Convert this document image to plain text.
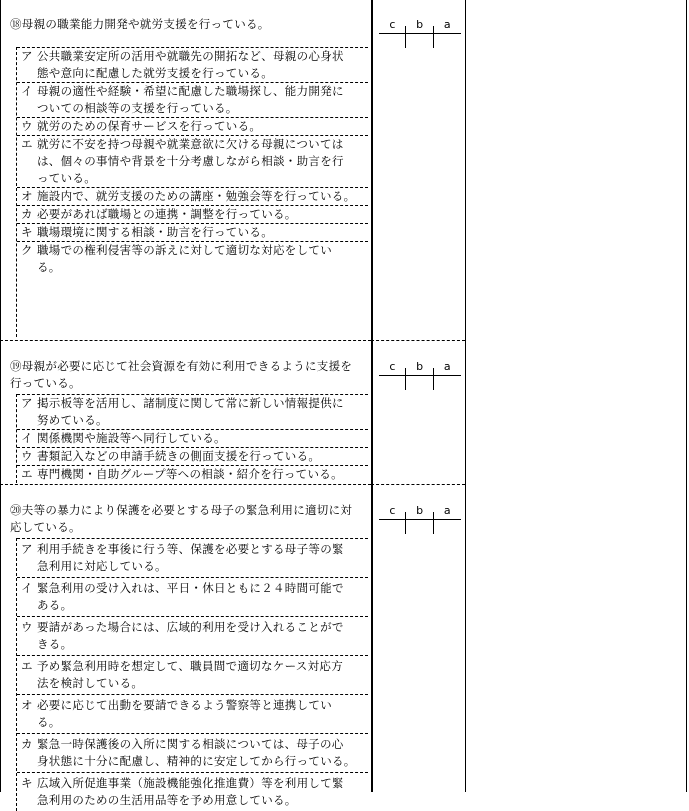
⑱母親の職業能力開発や就労支援を行っている。

ア 公共職業安定所の活用や就職先の開拓など、母親の心身状
態や意向に配慮した就労支援を行っている。
イ 母親の適性や経験・希望に配慮した職場探し、能力開発に
ついての相談等の支援を行っている。
ウ 就労のための保育サービスを行っている。
エ 就労に不安を持つ母親や就業意欲に欠ける母親については
は、個々の事情や背景を十分考慮しながら相談・助言を行
っている。
オ 施設内で、就労支援のための講座・勉強会等を行っている。
カ 必要があれば職場との連携・調整を行っている。
キ 職場環境に関する相談・助言を行っている。
ク 職場での権利侵害等の訴えに対して適切な対応をしてい
る。
c b a

⑲母親が必要に応じて社会資源を有効に利用できるように支援を
行っている。

ア 掲示板等を活用し、諸制度に関して常に新しい情報提供に
努めている。
イ 関係機関や施設等へ同行している。
ウ 書類記入などの申請手続きの側面支援を行っている。
エ 専門機関・自助グループ等への相談・紹介を行っている。
c b a

⑳夫等の暴力により保護を必要とする母子の緊急利用に適切に対
応している。

ア 利用手続きを事後に行う等、保護を必要とする母子等の緊
急利用に対応している。
イ 緊急利用の受け入れは、平日・休日ともに２４時間可能で
ある。
ウ 要請があった場合には、広域的利用を受け入れることがで
きる。
エ 予め緊急利用時を想定して、職員間で適切なケース対応方
法を検討している。
オ 必要に応じて出動を要請できるよう警察等と連携してい
る。
カ 緊急一時保護後の入所に関する相談については、母子の心
身状態に十分に配慮し、精神的に安定してから行っている。
キ 広域入所促進事業（施設機能強化推進費）等を利用して緊
急利用のための生活用品等を予め用意している。
c b a
